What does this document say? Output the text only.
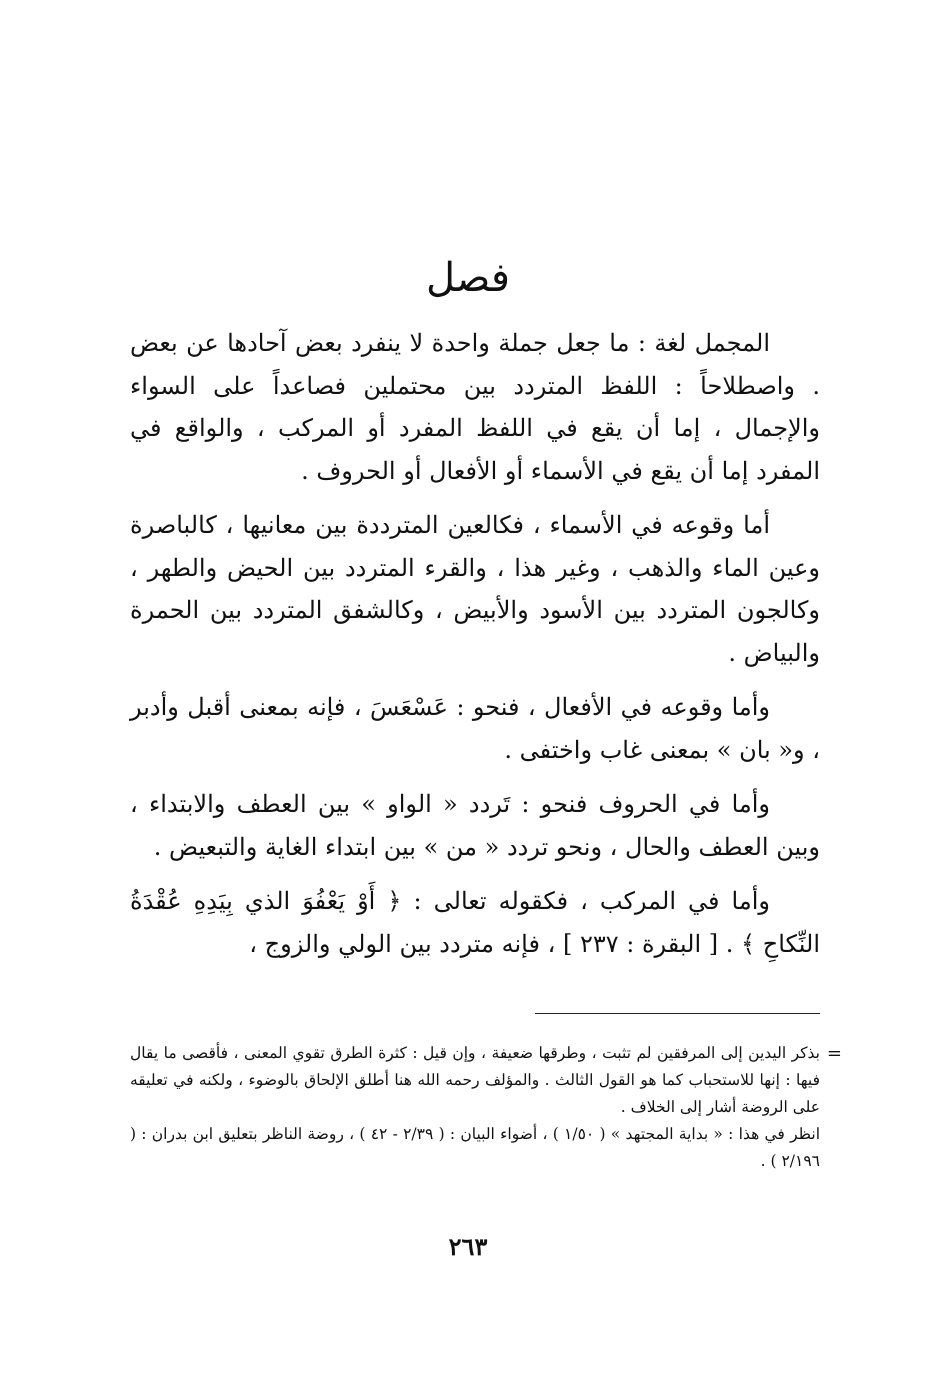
فصل

المجمل لغة : ما جعل جملة واحدة لا ينفرد بعض آحادها عن بعض . واصطلاحاً : اللفظ المتردد بين محتملين فصاعداً على السواء والإجمال ، إما أن يقع في اللفظ المفرد أو المركب ، والواقع في المفرد إما أن يقع في الأسماء أو الأفعال أو الحروف .

أما وقوعه في الأسماء ، فكالعين المترددة بين معانيها ، كالباصرة وعين الماء والذهب ، وغير هذا ، والقرء المتردد بين الحيض والطهر ، وكالجون المتردد بين الأسود والأبيض ، وكالشفق المتردد بين الحمرة والبياض .

وأما وقوعه في الأفعال ، فنحو : عَسْعَسَ ، فإنه بمعنى أقبل وأدبر ، و« بان » بمعنى غاب واختفى .

وأما في الحروف فنحو : تَردد « الواو » بين العطف والابتداء ، وبين العطف والحال ، ونحو تردد « من » بين ابتداء الغاية والتبعيض .

وأما في المركب ، فكقوله تعالى : ﴿ أَوْ يَعْفُوَ الذي بِيَدِهِ عُقْدَةُ النِّكاحِ ﴾ . [ البقرة : ٢٣٧ ] ، فإنه متردد بين الولي والزوج ،

=

بذكر اليدين إلى المرفقين لم تثبت ، وطرقها ضعيفة ، وإن قيل : كثرة الطرق تقوي المعنى ، فأقصى ما يقال فيها : إنها للاستحباب كما هو القول الثالث . والمؤلف رحمه الله هنا أطلق الإلحاق بالوضوء ، ولكنه في تعليقه على الروضة أشار إلى الخلاف .

انظر في هذا : « بداية المجتهد » ( ١/٥٠ ) ، أضواء البيان : ( ٢/٣٩ - ٤٢ ) ، روضة الناظر بتعليق ابن بدران : ( ٢/١٩٦ ) .

٢٦٣
